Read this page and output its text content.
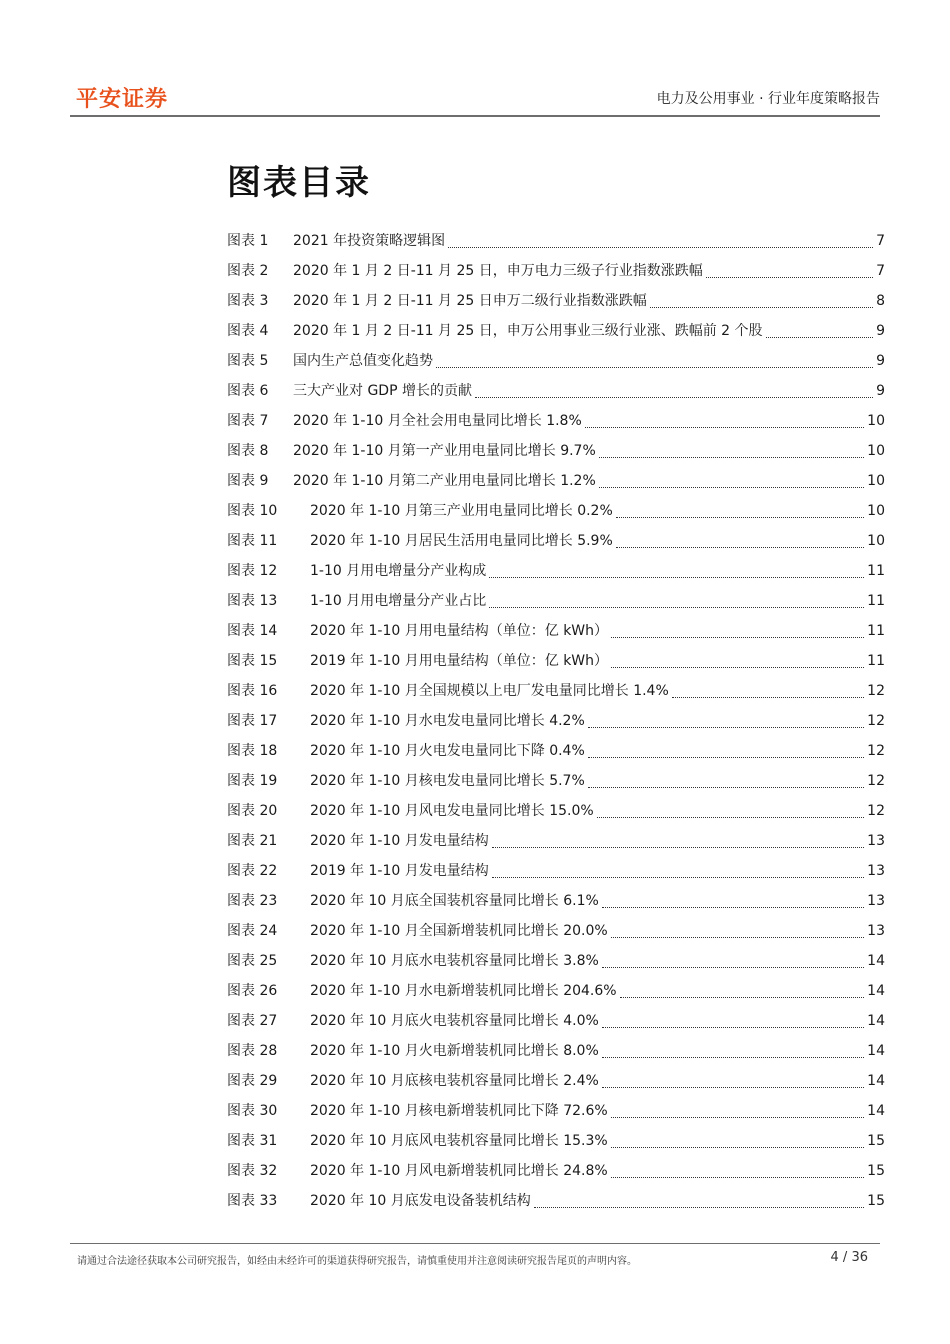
平安证券	电力及公用事业 · 行业年度策略报告
图表目录
图表 1	2021 年投资策略逻辑图	7
图表 2	2020 年 1 月 2 日-11 月 25 日，申万电力三级子行业指数涨跌幅	7
图表 3	2020 年 1 月 2 日-11 月 25 日申万二级行业指数涨跌幅	8
图表 4	2020 年 1 月 2 日-11 月 25 日，申万公用事业三级行业涨、跌幅前 2 个股	9
图表 5	国内生产总值变化趋势	9
图表 6	三大产业对 GDP 增长的贡献	9
图表 7	2020 年 1-10 月全社会用电量同比增长 1.8%	10
图表 8	2020 年 1-10 月第一产业用电量同比增长 9.7%	10
图表 9	2020 年 1-10 月第二产业用电量同比增长 1.2%	10
图表 10	2020 年 1-10 月第三产业用电量同比增长 0.2%	10
图表 11	2020 年 1-10 月居民生活用电量同比增长 5.9%	10
图表 12	1-10 月用电增量分产业构成	11
图表 13	1-10 月用电增量分产业占比	11
图表 14	2020 年 1-10 月用电量结构（单位：亿 kWh）	11
图表 15	2019 年 1-10 月用电量结构（单位：亿 kWh）	11
图表 16	2020 年 1-10 月全国规模以上电厂发电量同比增长 1.4%	12
图表 17	2020 年 1-10 月水电发电量同比增长 4.2%	12
图表 18	2020 年 1-10 月火电发电量同比下降 0.4%	12
图表 19	2020 年 1-10 月核电发电量同比增长 5.7%	12
图表 20	2020 年 1-10 月风电发电量同比增长 15.0%	12
图表 21	2020 年 1-10 月发电量结构	13
图表 22	2019 年 1-10 月发电量结构	13
图表 23	2020 年 10 月底全国装机容量同比增长 6.1%	13
图表 24	2020 年 1-10 月全国新增装机同比增长 20.0%	13
图表 25	2020 年 10 月底水电装机容量同比增长 3.8%	14
图表 26	2020 年 1-10 月水电新增装机同比增长 204.6%	14
图表 27	2020 年 10 月底火电装机容量同比增长 4.0%	14
图表 28	2020 年 1-10 月火电新增装机同比增长 8.0%	14
图表 29	2020 年 10 月底核电装机容量同比增长 2.4%	14
图表 30	2020 年 1-10 月核电新增装机同比下降 72.6%	14
图表 31	2020 年 10 月底风电装机容量同比增长 15.3%	15
图表 32	2020 年 1-10 月风电新增装机同比增长 24.8%	15
图表 33	2020 年 10 月底发电设备装机结构	15
请通过合法途径获取本公司研究报告，如经由未经许可的渠道获得研究报告，请慎重使用并注意阅读研究报告尾页的声明内容。	4 / 36
